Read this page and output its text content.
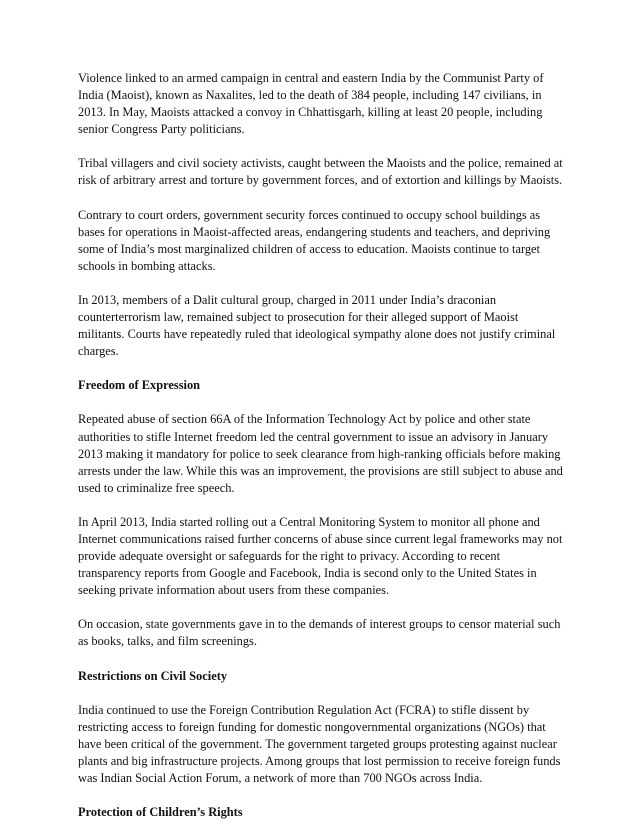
Violence linked to an armed campaign in central and eastern India by the Communist Party of India (Maoist), known as Naxalites, led to the death of 384 people, including 147 civilians, in 2013. In May, Maoists attacked a convoy in Chhattisgarh, killing at least 20 people, including senior Congress Party politicians.

Tribal villagers and civil society activists, caught between the Maoists and the police, remained at risk of arbitrary arrest and torture by government forces, and of extortion and killings by Maoists.

Contrary to court orders, government security forces continued to occupy school buildings as bases for operations in Maoist-affected areas, endangering students and teachers, and depriving some of India’s most marginalized children of access to education. Maoists continue to target schools in bombing attacks.

In 2013, members of a Dalit cultural group, charged in 2011 under India’s draconian counterterrorism law, remained subject to prosecution for their alleged support of Maoist militants. Courts have repeatedly ruled that ideological sympathy alone does not justify criminal charges.

Freedom of Expression

Repeated abuse of section 66A of the Information Technology Act by police and other state authorities to stifle Internet freedom led the central government to issue an advisory in January 2013 making it mandatory for police to seek clearance from high-ranking officials before making arrests under the law. While this was an improvement, the provisions are still subject to abuse and used to criminalize free speech.

In April 2013, India started rolling out a Central Monitoring System to monitor all phone and Internet communications raised further concerns of abuse since current legal frameworks may not provide adequate oversight or safeguards for the right to privacy. According to recent transparency reports from Google and Facebook, India is second only to the United States in seeking private information about users from these companies.

On occasion, state governments gave in to the demands of interest groups to censor material such as books, talks, and film screenings.

Restrictions on Civil Society

India continued to use the Foreign Contribution Regulation Act (FCRA) to stifle dissent by restricting access to foreign funding for domestic nongovernmental organizations (NGOs) that have been critical of the government. The government targeted groups protesting against nuclear plants and big infrastructure projects. Among groups that lost permission to receive foreign funds was Indian Social Action Forum, a network of more than 700 NGOs across India.

Protection of Children’s Rights
